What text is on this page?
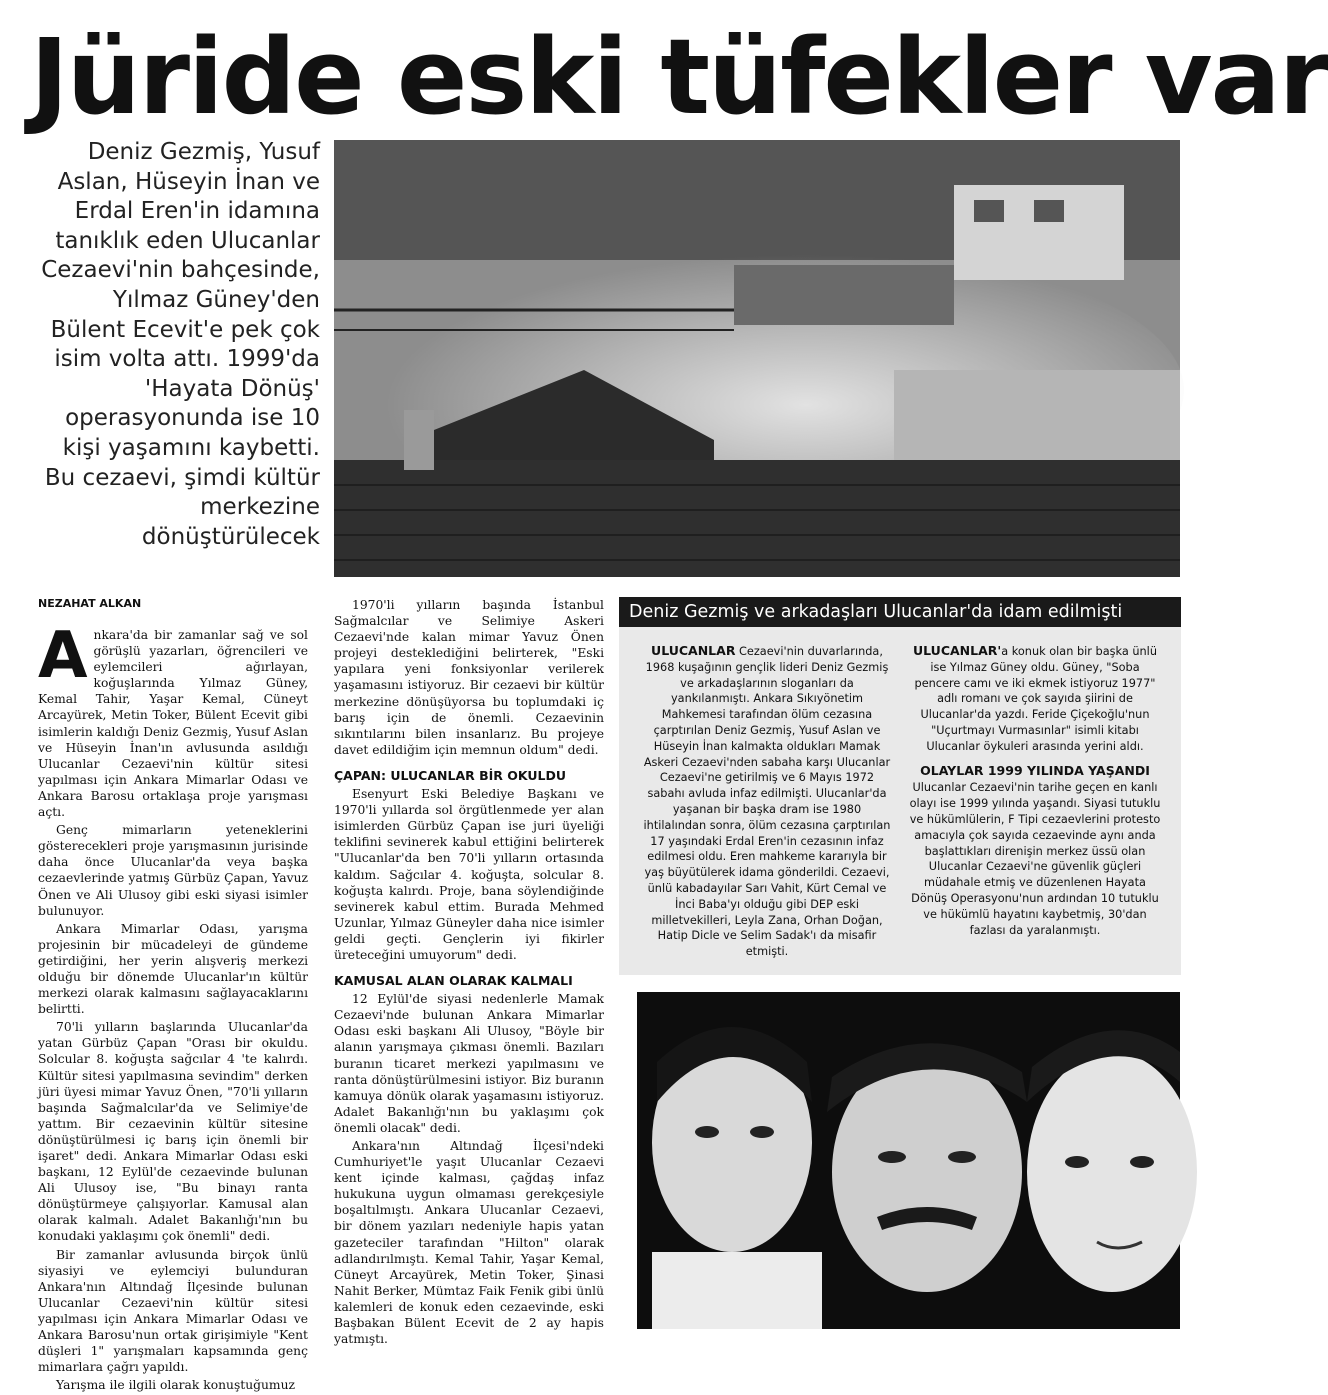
Jüride eski tüfekler var
Deniz Gezmiş, Yusuf Aslan, Hüseyin İnan ve Erdal Eren'in idamına tanıklık eden Ulucanlar Cezaevi'nin bahçesinde, Yılmaz Güney'den Bülent Ecevit'e pek çok isim volta attı. 1999'da 'Hayata Dönüş' operasyonunda ise 10 kişi yaşamını kaybetti. Bu cezaevi, şimdi kültür merkezine dönüştürülecek
NEZAHAT ALKAN

Ankara'da bir zamanlar sağ ve sol görüşlü yazarları, öğrencileri ve eylemcileri ağırlayan, koğuşlarında Yılmaz Güney, Kemal Tahir, Yaşar Kemal, Cüneyt Arcayürek, Metin Toker, Bülent Ecevit gibi isimlerin kaldığı Deniz Gezmiş, Yusuf Aslan ve Hüseyin İnan'ın avlusunda asıldığı Ulucanlar Cezaevi'nin kültür sitesi yapılması için Ankara Mimarlar Odası ve Ankara Barosu ortaklaşa proje yarışması açtı.

Genç mimarların yeteneklerini gösterecekleri proje yarışmasının jurisinde daha önce Ulucanlar'da veya başka cezaevlerinde yatmış Gürbüz Çapan, Yavuz Önen ve Ali Ulusoy gibi eski siyasi isimler bulunuyor.

Ankara Mimarlar Odası, yarışma projesinin bir mücadeleyi de gündeme getirdiğini, her yerin alışveriş merkezi olduğu bir dönemde Ulucanlar'ın kültür merkezi olarak kalmasını sağlayacaklarını belirtti.

70'li yılların başlarında Ulucanlar'da yatan Gürbüz Çapan "Orası bir okuldu. Solcular 8. koğuşta sağcılar 4 'te kalırdı. Kültür sitesi yapılmasına sevindim" derken jüri üyesi mimar Yavuz Önen, "70'li yılların başında Sağmalcılar'da ve Selimiye'de yattım. Bir cezaevinin kültür sitesine dönüştürülmesi iç barış için önemli bir işaret" dedi. Ankara Mimarlar Odası eski başkanı, 12 Eylül'de cezaevinde bulunan Ali Ulusoy ise, "Bu binayı ranta dönüştürmeye çalışıyorlar. Kamusal alan olarak kalmalı. Adalet Bakanlığı'nın bu konudaki yaklaşımı çok önemli" dedi.

Bir zamanlar avlusunda birçok ünlü siyasiyi ve eylemciyi bulunduran Ankara'nın Altındağ İlçesinde bulunan Ulucanlar Cezaevi'nin kültür sitesi yapılması için Ankara Mimarlar Odası ve Ankara Barosu'nun ortak girişimiyle "Kent düşleri 1" yarışmaları kapsamında genç mimarlara çağrı yapıldı.

Yarışma ile ilgili olarak konuştuğumuz

1970'li yılların başında İstanbul Sağmalcılar ve Selimiye Askeri Cezaevi'nde kalan mimar Yavuz Önen projeyi desteklediğini belirterek, "Eski yapılara yeni fonksiyonlar verilerek yaşamasını istiyoruz. Bir cezaevi bir kültür merkezine dönüşüyorsa bu toplumdaki iç barış için de önemli. Cezaevinin sıkıntılarını bilen insanlarız. Bu projeye davet edildiğim için memnun oldum" dedi.

ÇAPAN: ULUCANLAR BİR OKULDU

Esenyurt Eski Belediye Başkanı ve 1970'li yıllarda sol örgütlenmede yer alan isimlerden Gürbüz Çapan ise juri üyeliği teklifini sevinerek kabul ettiğini belirterek "Ulucanlar'da ben 70'li yılların ortasında kaldım. Sağcılar 4. koğuşta, solcular 8. koğuşta kalırdı. Proje, bana söylendiğinde sevinerek kabul ettim. Burada Mehmed Uzunlar, Yılmaz Güneyler daha nice isimler geldi geçti. Gençlerin iyi fikirler üreteceğini umuyorum" dedi.

KAMUSAL ALAN OLARAK KALMALI

12 Eylül'de siyasi nedenlerle Mamak Cezaevi'nde bulunan Ankara Mimarlar Odası eski başkanı Ali Ulusoy, "Böyle bir alanın yarışmaya çıkması önemli. Bazıları buranın ticaret merkezi yapılmasını ve ranta dönüştürülmesini istiyor. Biz buranın kamuya dönük olarak yaşamasını istiyoruz. Adalet Bakanlığı'nın bu yaklaşımı çok önemli olacak" dedi.

Ankara'nın Altındağ İlçesi'ndeki Cumhuriyet'le yaşıt Ulucanlar Cezaevi kent içinde kalması, çağdaş infaz hukukuna uygun olmaması gerekçesiyle boşaltılmıştı. Ankara Ulucanlar Cezaevi, bir dönem yazıları nedeniyle hapis yatan gazeteciler tarafından "Hilton" olarak adlandırılmıştı. Kemal Tahir, Yaşar Kemal, Cüneyt Arcayürek, Metin Toker, Şinasi Nahit Berker, Mümtaz Faik Fenik gibi ünlü kalemleri de konuk eden cezaevinde, eski Başbakan Bülent Ecevit de 2 ay hapis yatmıştı.

Deniz Gezmiş ve arkadaşları Ulucanlar'da idam edilmişti
ULUCANLAR Cezaevi'nin duvarlarında, 1968 kuşağının gençlik lideri Deniz Gezmiş ve arkadaşlarının sloganları da yankılanmıştı. Ankara Sıkıyönetim Mahkemesi tarafından ölüm cezasına çarptırılan Deniz Gezmiş, Yusuf Aslan ve Hüseyin İnan kalmakta oldukları Mamak Askeri Cezaevi'nden sabaha karşı Ulucanlar Cezaevi'ne getirilmiş ve 6 Mayıs 1972 sabahı avluda infaz edilmişti. Ulucanlar'da yaşanan bir başka dram ise 1980 ihtilalından sonra, ölüm cezasına çarptırılan 17 yaşındaki Erdal Eren'in cezasının infaz edilmesi oldu. Eren mahkeme kararıyla bir yaş büyütülerek idama gönderildi. Cezaevi, ünlü kabadayılar Sarı Vahit, Kürt Cemal ve İnci Baba'yı olduğu gibi DEP eski milletvekilleri, Leyla Zana, Orhan Doğan, Hatip Dicle ve Selim Sadak'ı da misafir etmişti.
ULUCANLAR'a konuk olan bir başka ünlü ise Yılmaz Güney oldu. Güney, "Soba pencere camı ve iki ekmek istiyoruz 1977" adlı romanı ve çok sayıda şiirini de Ulucanlar'da yazdı. Feride Çiçekoğlu'nun "Uçurtmayı Vurmasınlar" isimli kitabı Ulucanlar öykuleri arasında yerini aldı.
OLAYLAR 1999 YILINDA YAŞANDI
Ulucanlar Cezaevi'nin tarihe geçen en kanlı olayı ise 1999 yılında yaşandı. Siyasi tutuklu ve hükümlülerin, F Tipi cezaevlerini protesto amacıyla çok sayıda cezaevinde aynı anda başlattıkları direnişin merkez üssü olan Ulucanlar Cezaevi'ne güvenlik güçleri müdahale etmiş ve düzenlenen Hayata Dönüş Operasyonu'nun ardından 10 tutuklu ve hükümlü hayatını kaybetmiş, 30'dan fazlası da yaralanmıştı.
